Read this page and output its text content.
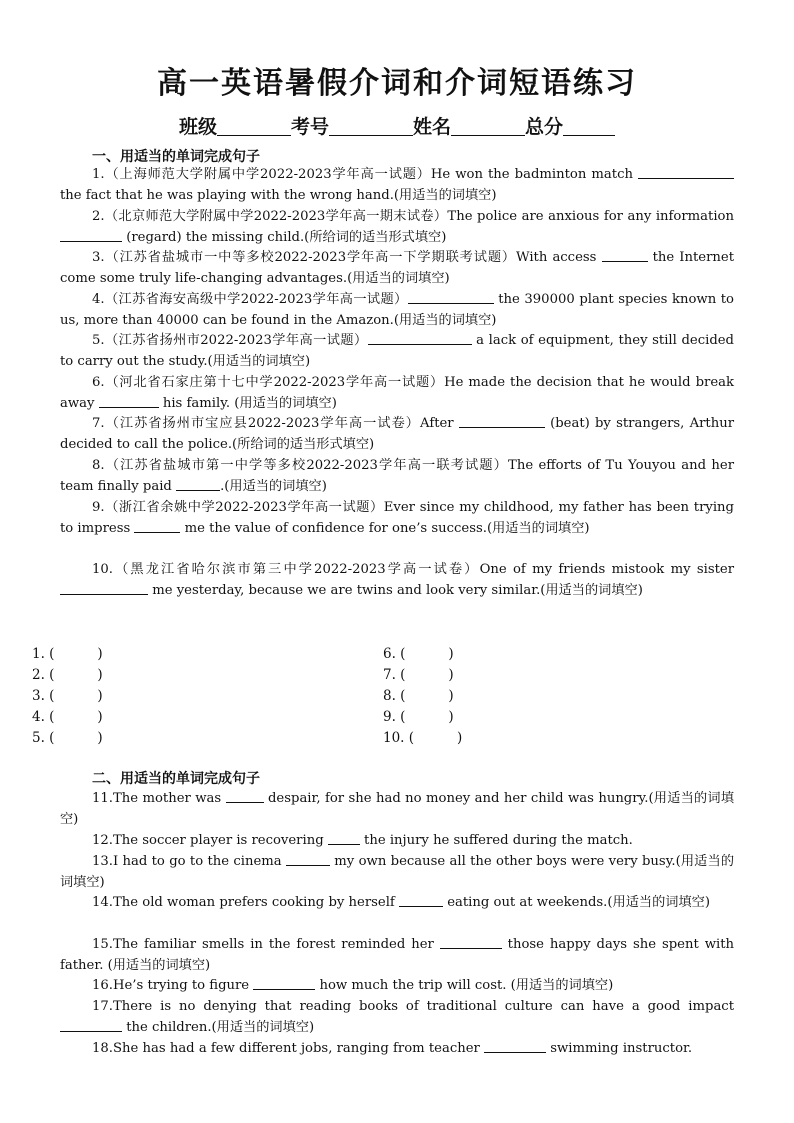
高一英语暑假介词和介词短语练习
班级	考号	姓名	总分
一、用适当的单词完成句子

1.（上海师范大学附属中学2022-2023学年高一试题）He won the badminton match  the fact that he was playing with the wrong hand.(用适当的词填空)

2.（北京师范大学附属中学2022-2023学年高一期末试卷）The police are anxious for any information  (regard) the missing child.(所给词的适当形式填空)

3.（江苏省盐城市一中等多校2022-2023学年高一下学期联考试题）With access	the Internet come some truly life-changing advantages.(用适当的词填空)

4.（江苏省海安高级中学2022-2023学年高一试题）	the 390000 plant species known to us, more than 40000 can be found in the Amazon.(用适当的词填空)

5.（江苏省扬州市2022-2023学年高一试题）	a lack of equipment, they still decided to carry out the study.(用适当的词填空)

6.（河北省石家庄第十七中学2022-2023学年高一试题）He made the decision that he would break away	his family. (用适当的词填空)

7.（江苏省扬州市宝应县2022-2023学年高一试卷）After	(beat) by strangers, Arthur decided to call the police.(所给词的适当形式填空)

8.（江苏省盐城市第一中学等多校2022-2023学年高一联考试题）The efforts of Tu Youyou and her team finally paid	.(用适当的词填空)

9.（浙江省余姚中学2022-2023学年高一试题）Ever since my childhood, my father has been trying to impress	me the value of confidence for one’s success.(用适当的词填空)

10.（黑龙江省哈尔滨市第三中学2022-2023学高一试卷）One of my friends mistook my sister me yesterday, because we are twins and look very similar.(用适当的词填空)

1. (          )
2. (          )
3. (          )
4. (          )
5. (          )
6. (          )
7. (          )
8. (          )
9. (          )
10. (          )
二、用适当的单词完成句子

11.The mother was	despair, for she had no money and her child was hungry.(用适当的词填空)

12.The soccer player is recovering  the injury he suffered during the match.

13.I had to go to the cinema	my own because all the other boys were very busy.(用适当的词填空)

14.The old woman prefers cooking by herself	eating out at weekends.(用适当的词填空)

15.The familiar smells in the forest reminded her	those happy days she spent with father. (用适当的词填空)

16.He’s trying to figure	how much the trip will cost. (用适当的词填空)

17.There is no denying that reading books of traditional culture can have a good impact  the children.(用适当的词填空)

18.She has had a few different jobs, ranging from teacher	swimming instructor.
